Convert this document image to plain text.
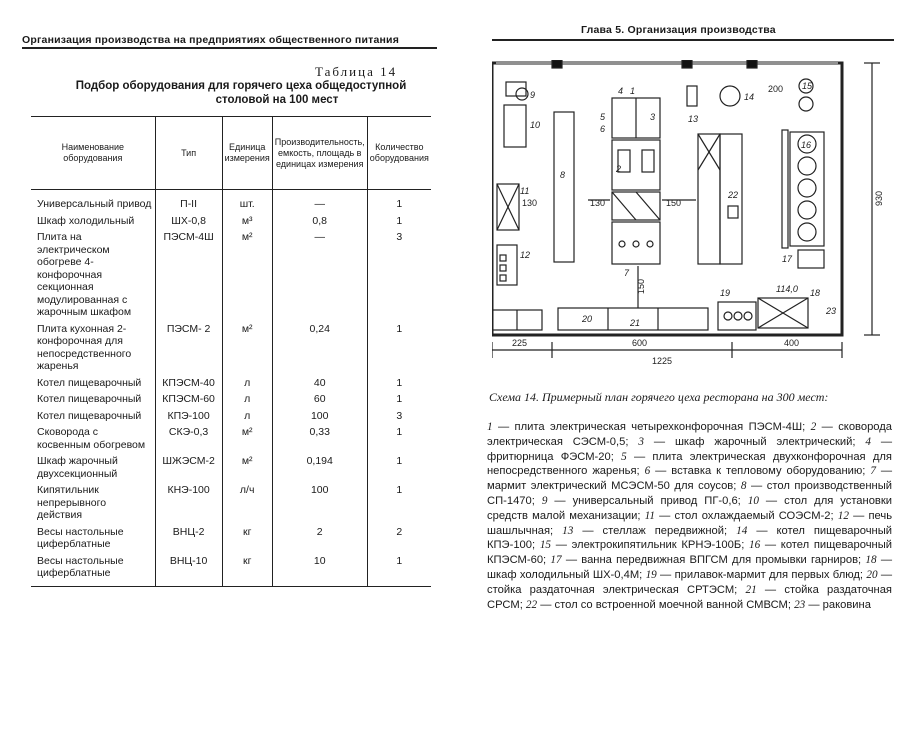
Организация производства на предприятиях общественного питания
Таблица 14
Подбор оборудования для горячего цеха общедоступной
столовой на 100 мест
Наименование оборудования	Тип	Единица измерения	Производительность, емкость, площадь в единицах измерения	Количество оборудования
Универсальный привод	П-II	шт.	—	1
Шкаф холодильный	ШХ-0,8	м³	0,8	1
Плита на электрическом обогреве 4-конфорочная секционная модулированная с жарочным шкафом	ПЭСМ-4Ш	м²	—	3
Плита кухонная 2-конфорочная для непосредственного жаренья	ПЭСМ- 2	м²	0,24	1
Котел пищеварочный	КПЭСМ-40	л	40	1
Котел пищеварочный	КПЭСМ-60	л	60	1
Котел пищеварочный	КПЭ-100	л	100	3
Сковорода с косвенным обогревом	СКЭ-0,3	м²	0,33	1
Шкаф жарочный двухсекционный	ШЖЭСМ-2	м²	0,194	1
Кипятильник непрерывного действия	КНЭ-100	л/ч	100	1
Весы настольные циферблатные	ВНЦ-2	кг	2	2
Весы настольные циферблатные	ВНЦ-10	кг	10	1
Глава 5. Организация производства
225	600	400
1225
930
114,0
130	130	150
150
200
1
2
3
4
5
6
7
8
9
10
11
12
13
14
15
16
17
18
19
20	21
22
23
Схема 14. Примерный план горячего цеха ресторана на 300 мест:
1 — плита электрическая четырехконфорочная ПЭСМ-4Ш; 2 — сковорода электрическая СЭСМ-0,5; 3 — шкаф жарочный электрический; 4 — фритюрница ФЭСМ-20; 5 — плита электрическая двухконфорочная для непосредственного жаренья; 6 — вставка к тепловому оборудованию; 7 — мармит электрический МСЭСМ-50 для соусов; 8 — стол производственный СП-1470; 9 — универсальный привод ПГ-0,6; 10 — стол для установки средств малой механизации; 11 — стол охлаждаемый СОЭСМ-2; 12 — печь шашлычная; 13 — стеллаж передвижной; 14 — котел пищеварочный КПЭ-100; 15 — электрокипятильник КРНЭ-100Б; 16 — котел пищеварочный КПЭСМ-60; 17 — ванна передвижная ВПГСМ для промывки гарниров; 18 — шкаф холодильный ШХ-0,4М; 19 — прилавок-мармит для первых блюд; 20 — стойка раздаточная электрическая СРТЭСМ; 21 — стойка раздаточная СРСМ; 22 — стол со встроенной моечной ванной СМВСМ; 23 — раковина
